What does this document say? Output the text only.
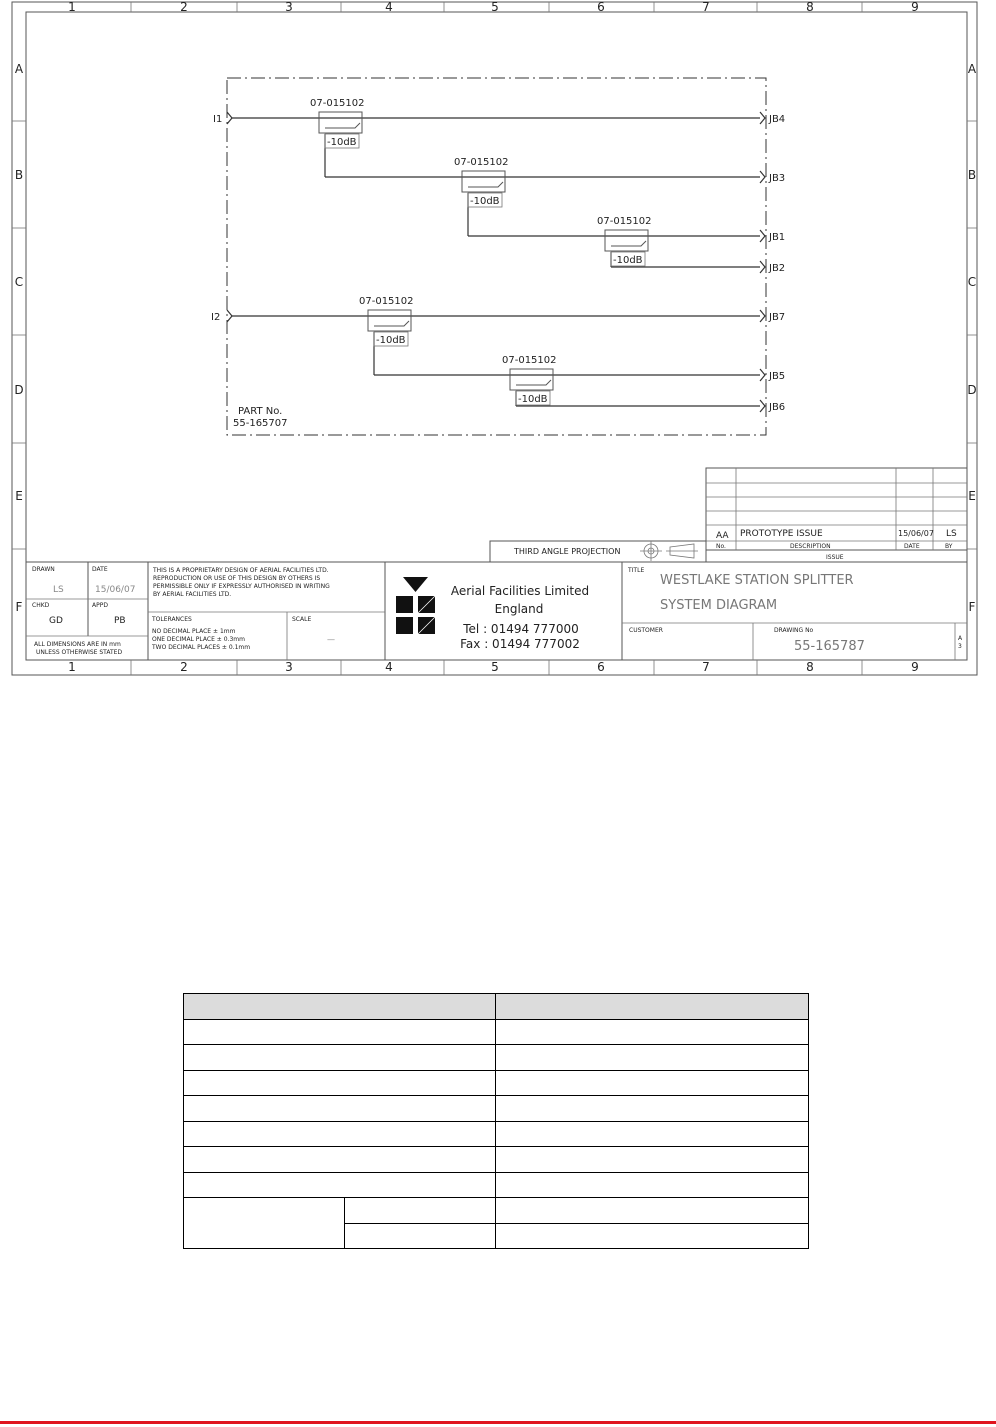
1	2	3	4	5	6	7	8	9
1	2	3	4	5	6	7	8	9
A
B
C
D
E
F
A
B
C
D
E
F
I1
I2
JB4
JB3
JB1
JB2
JB7
JB5
JB6
07-015102
-10dB
07-015102
-10dB
07-015102
-10dB
07-015102
-10dB
07-015102
-10dB
PART No.
55-165707
AA PROTOTYPE ISSUE	15/06/07 LS
No.	DESCRIPTION	DATE	BY
ISSUE
THIRD ANGLE PROJECTION
DRAWN
LS
DATE
15/06/07
CHKD
GD
APPD
PB
ALL DIMENSIONS ARE IN mm
UNLESS OTHERWISE STATED
THIS IS A PROPRIETARY DESIGN OF AERIAL FACILITIES LTD.
REPRODUCTION OR USE OF THIS DESIGN BY OTHERS IS
PERMISSIBLE ONLY IF EXPRESSLY AUTHORISED IN WRITING
BY AERIAL FACILITIES LTD.
TOLERANCES
NO DECIMAL PLACE ± 1mm
ONE DECIMAL PLACE ± 0.3mm
TWO DECIMAL PLACES ± 0.1mm
SCALE
—
Aerial Facilities Limited
England
Tel : 01494 777000
Fax : 01494 777002
TITLE
WESTLAKE STATION SPLITTER
SYSTEM DIAGRAM
CUSTOMER	DRAWING No
55-165787
A
3
